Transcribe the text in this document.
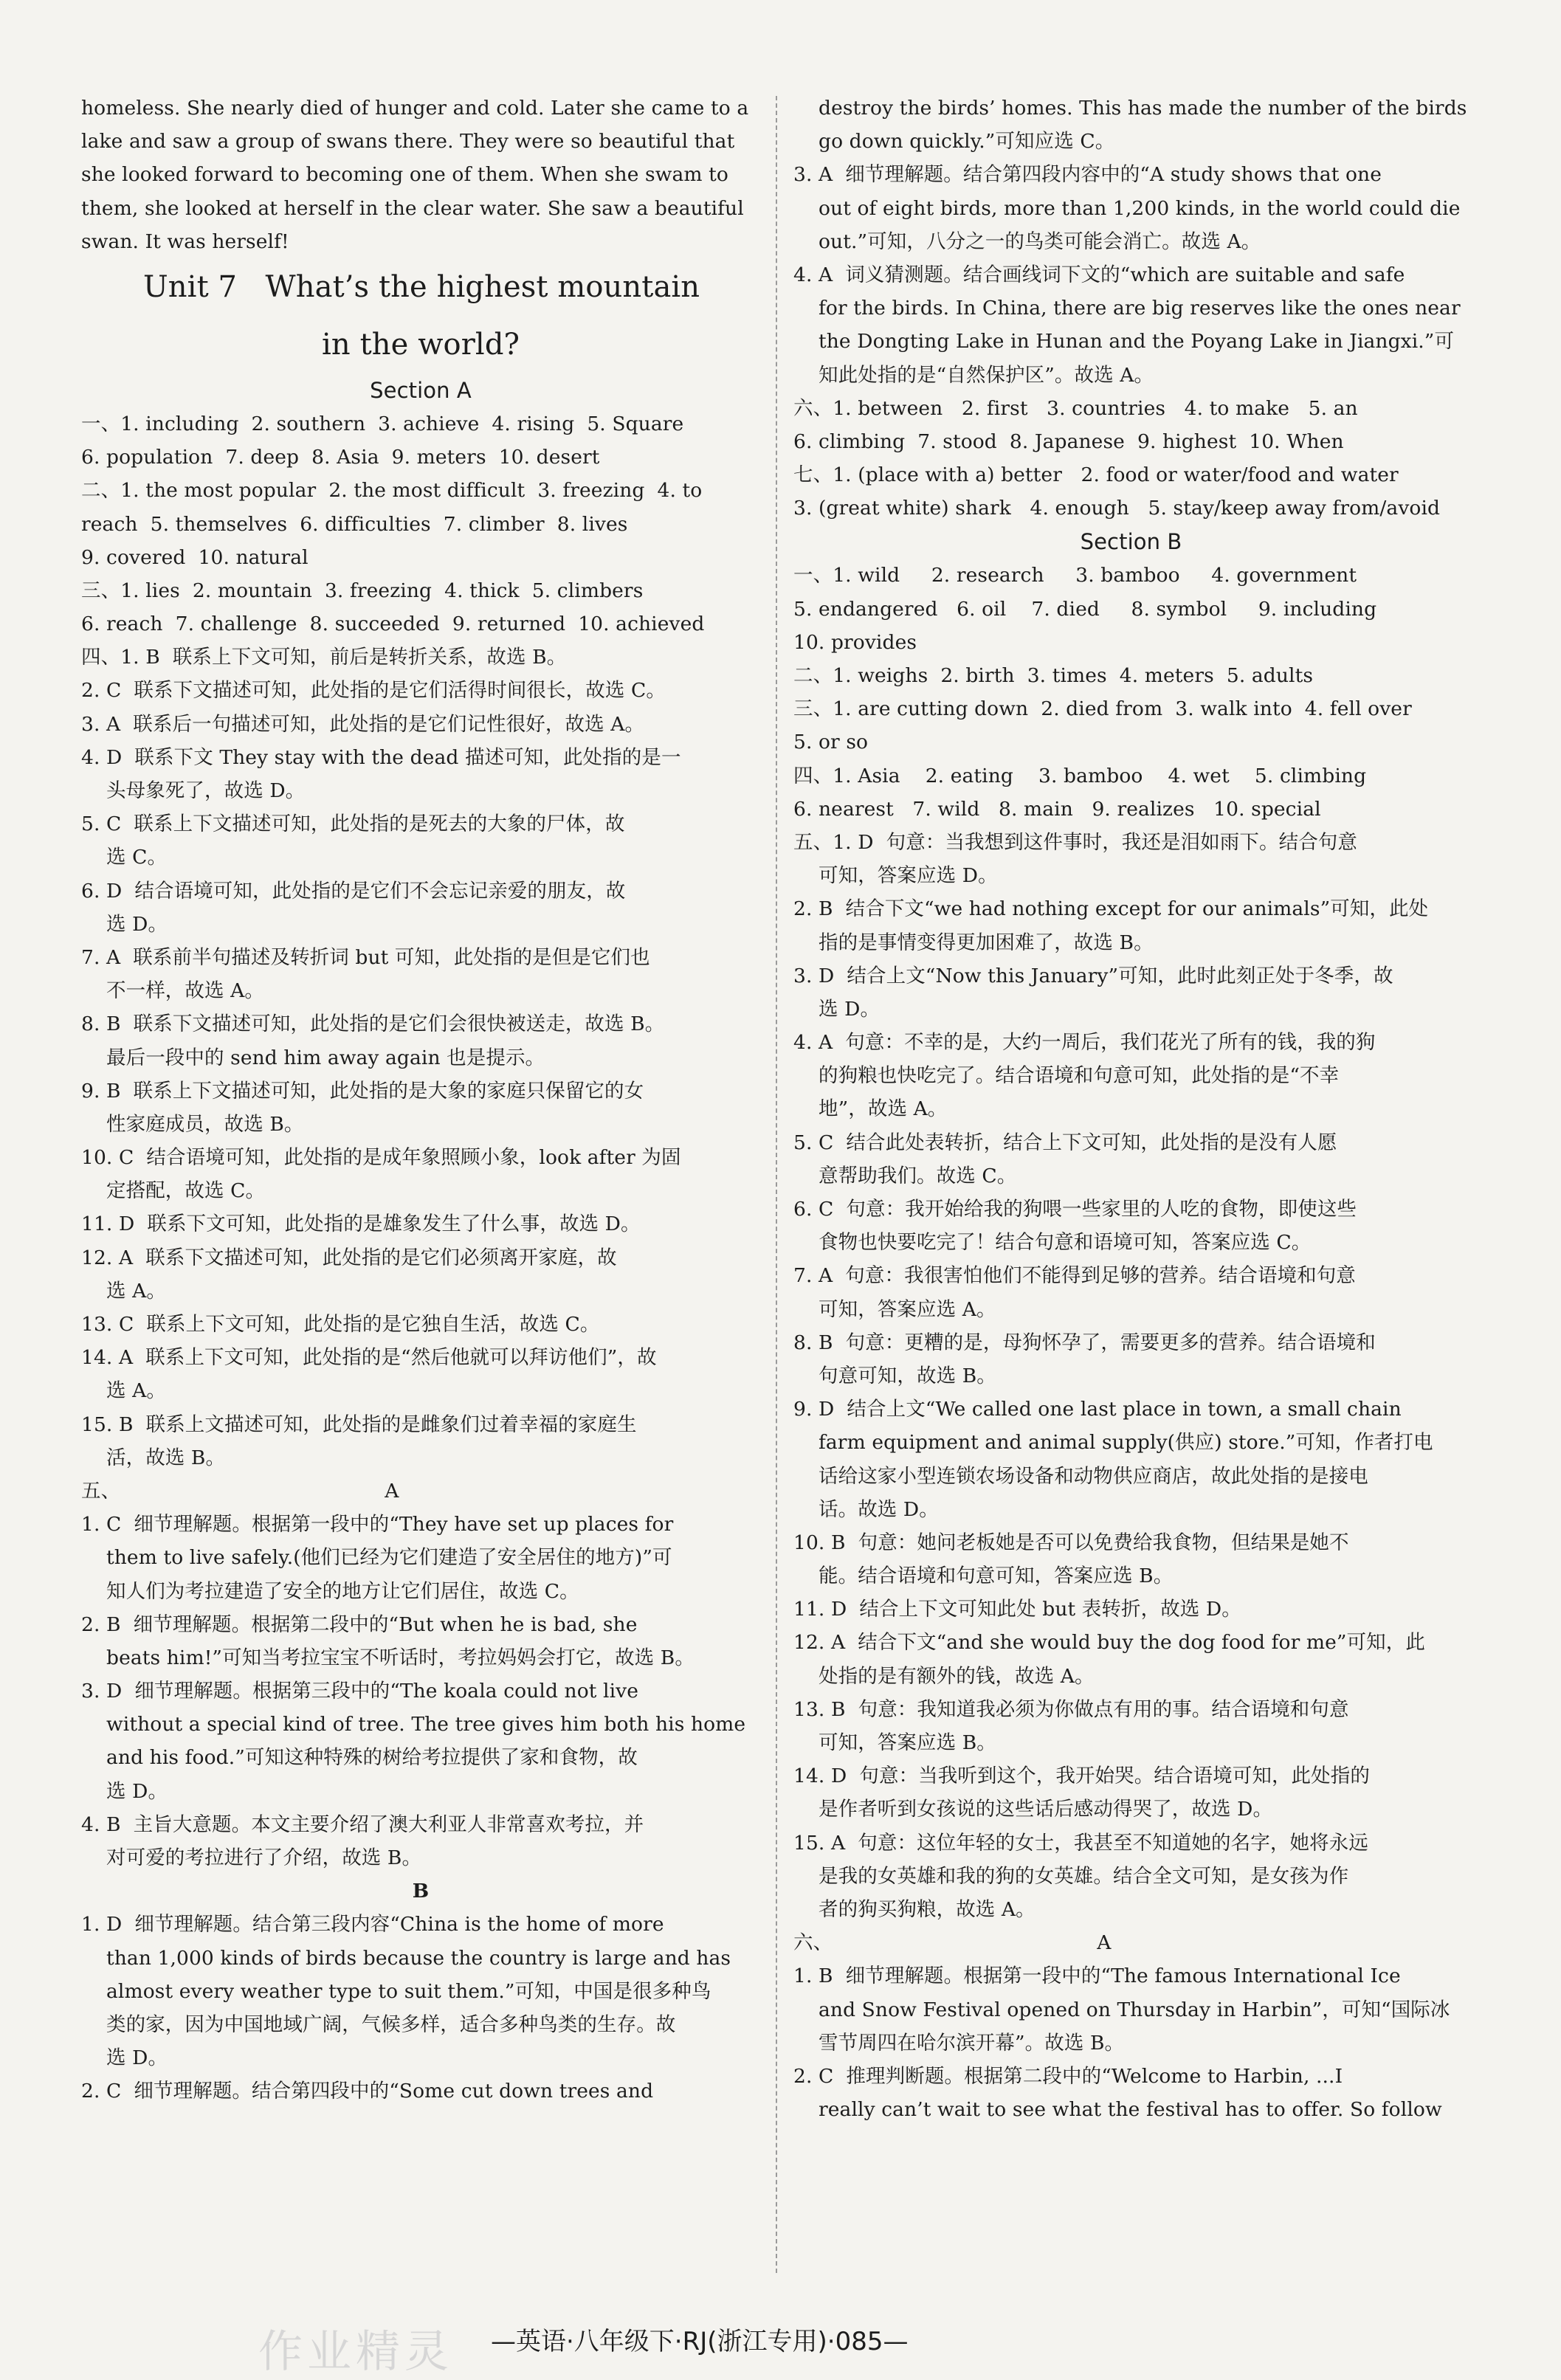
homeless. She nearly died of hunger and cold. Later she came to a
lake and saw a group of swans there. They were so beautiful that
she looked forward to becoming one of them. When she swam to
them, she looked at herself in the clear water. She saw a beautiful
swan. It was herself!
Unit 7   What’s the highest mountain
in the world?
Section A
一、1. including  2. southern  3. achieve  4. rising  5. Square
6. population  7. deep  8. Asia  9. meters  10. desert
二、1. the most popular  2. the most difficult  3. freezing  4. to
reach  5. themselves  6. difficulties  7. climber  8. lives
9. covered  10. natural
三、1. lies  2. mountain  3. freezing  4. thick  5. climbers
6. reach  7. challenge  8. succeeded  9. returned  10. achieved
四、1. B  联系上下文可知，前后是转折关系，故选 B。
2. C  联系下文描述可知，此处指的是它们活得时间很长，故选 C。
3. A  联系后一句描述可知，此处指的是它们记性很好，故选 A。
4. D  联系下文 They stay with the dead 描述可知，此处指的是一
头母象死了，故选 D。
5. C  联系上下文描述可知，此处指的是死去的大象的尸体，故
选 C。
6. D  结合语境可知，此处指的是它们不会忘记亲爱的朋友，故
选 D。
7. A  联系前半句描述及转折词 but 可知，此处指的是但是它们也
不一样，故选 A。
8. B  联系下文描述可知，此处指的是它们会很快被送走，故选 B。
最后一段中的 send him away again 也是提示。
9. B  联系上下文描述可知，此处指的是大象的家庭只保留它的女
性家庭成员，故选 B。
10. C  结合语境可知，此处指的是成年象照顾小象，look after 为固
定搭配，故选 C。
11. D  联系下文可知，此处指的是雄象发生了什么事，故选 D。
12. A  联系下文描述可知，此处指的是它们必须离开家庭，故
选 A。
13. C  联系上下文可知，此处指的是它独自生活，故选 C。
14. A  联系上下文可知，此处指的是“然后他就可以拜访他们”，故
选 A。
15. B  联系上文描述可知，此处指的是雌象们过着幸福的家庭生
活，故选 B。
五、                                          A
1. C  细节理解题。根据第一段中的“They have set up places for
them to live safely.(他们已经为它们建造了安全居住的地方)”可
知人们为考拉建造了安全的地方让它们居住，故选 C。
2. B  细节理解题。根据第二段中的“But when he is bad, she
beats him!”可知当考拉宝宝不听话时，考拉妈妈会打它，故选 B。
3. D  细节理解题。根据第三段中的“The koala could not live
without a special kind of tree. The tree gives him both his home
and his food.”可知这种特殊的树给考拉提供了家和食物，故
选 D。
4. B  主旨大意题。本文主要介绍了澳大利亚人非常喜欢考拉，并
对可爱的考拉进行了介绍，故选 B。
B
1. D  细节理解题。结合第三段内容“China is the home of more
than 1,000 kinds of birds because the country is large and has
almost every weather type to suit them.”可知，中国是很多种鸟
类的家，因为中国地域广阔，气候多样，适合多种鸟类的生存。故
选 D。
2. C  细节理解题。结合第四段中的“Some cut down trees and
destroy the birds’ homes. This has made the number of the birds
go down quickly.”可知应选 C。
3. A  细节理解题。结合第四段内容中的“A study shows that one
out of eight birds, more than 1,200 kinds, in the world could die
out.”可知，八分之一的鸟类可能会消亡。故选 A。
4. A  词义猜测题。结合画线词下文的“which are suitable and safe
for the birds. In China, there are big reserves like the ones near
the Dongting Lake in Hunan and the Poyang Lake in Jiangxi.”可
知此处指的是“自然保护区”。故选 A。
六、1. between   2. first   3. countries   4. to make   5. an
6. climbing  7. stood  8. Japanese  9. highest  10. When
七、1. (place with a) better   2. food or water/food and water
3. (great white) shark   4. enough   5. stay/keep away from/avoid
Section B
一、1. wild     2. research     3. bamboo     4. government
5. endangered   6. oil    7. died     8. symbol     9. including
10. provides
二、1. weighs  2. birth  3. times  4. meters  5. adults
三、1. are cutting down  2. died from  3. walk into  4. fell over
5. or so
四、1. Asia    2. eating    3. bamboo    4. wet    5. climbing
6. nearest   7. wild   8. main   9. realizes   10. special
五、1. D  句意：当我想到这件事时，我还是泪如雨下。结合句意
可知，答案应选 D。
2. B  结合下文“we had nothing except for our animals”可知，此处
指的是事情变得更加困难了，故选 B。
3. D  结合上文“Now this January”可知，此时此刻正处于冬季，故
选 D。
4. A  句意：不幸的是，大约一周后，我们花光了所有的钱，我的狗
的狗粮也快吃完了。结合语境和句意可知，此处指的是“不幸
地”，故选 A。
5. C  结合此处表转折，结合上下文可知，此处指的是没有人愿
意帮助我们。故选 C。
6. C  句意：我开始给我的狗喂一些家里的人吃的食物，即使这些
食物也快要吃完了！结合句意和语境可知，答案应选 C。
7. A  句意：我很害怕他们不能得到足够的营养。结合语境和句意
可知，答案应选 A。
8. B  句意：更糟的是，母狗怀孕了，需要更多的营养。结合语境和
句意可知，故选 B。
9. D  结合上文“We called one last place in town, a small chain
farm equipment and animal supply(供应) store.”可知，作者打电
话给这家小型连锁农场设备和动物供应商店，故此处指的是接电
话。故选 D。
10. B  句意：她问老板她是否可以免费给我食物，但结果是她不
能。结合语境和句意可知，答案应选 B。
11. D  结合上下文可知此处 but 表转折，故选 D。
12. A  结合下文“and she would buy the dog food for me”可知，此
处指的是有额外的钱，故选 A。
13. B  句意：我知道我必须为你做点有用的事。结合语境和句意
可知，答案应选 B。
14. D  句意：当我听到这个，我开始哭。结合语境可知，此处指的
是作者听到女孩说的这些话后感动得哭了，故选 D。
15. A  句意：这位年轻的女士，我甚至不知道她的名字，她将永远
是我的女英雄和我的狗的女英雄。结合全文可知，是女孩为作
者的狗买狗粮，故选 A。
六、                                          A
1. B  细节理解题。根据第一段中的“The famous International Ice
and Snow Festival opened on Thursday in Harbin”，可知“国际冰
雪节周四在哈尔滨开幕”。故选 B。
2. C  推理判断题。根据第二段中的“Welcome to Harbin, ...I
really can’t wait to see what the festival has to offer. So follow
作业精灵 —英语·八年级下·RJ(浙江专用)·085—
